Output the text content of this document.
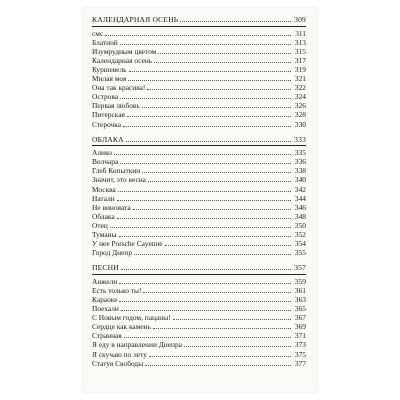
КАЛЕНДАРНАЯ ОСЕНЬ	309
смс	311
Блатной	313
Изумрудным цветом	315
Календарная осень	317
Куршевель	319
Милая моя	321
Она так красива!	322
Острова	324
Первая любовь	326
Питерская	328
Стерочка	330
ОБЛАКА	333
Алико	335
Волчара	336
Глеб Копыткин	338
Значит, это весна	340
Москва	342
Натали	344
Не виновата	346
Облака	348
Отец	350
Туманы	352
У нее Porsche Cayenne	354
Город Днепр	355
ПЕСНИ	357
Анжели	359
Есть только ты!	361
Караоке	363
Поехали	365
С Новым годом, пацаны!	367
Сердце как камень	369
Странная	371
Я еду в направлении Днепра	373
Я скучаю по лету	375
Статуя Свободы	377
